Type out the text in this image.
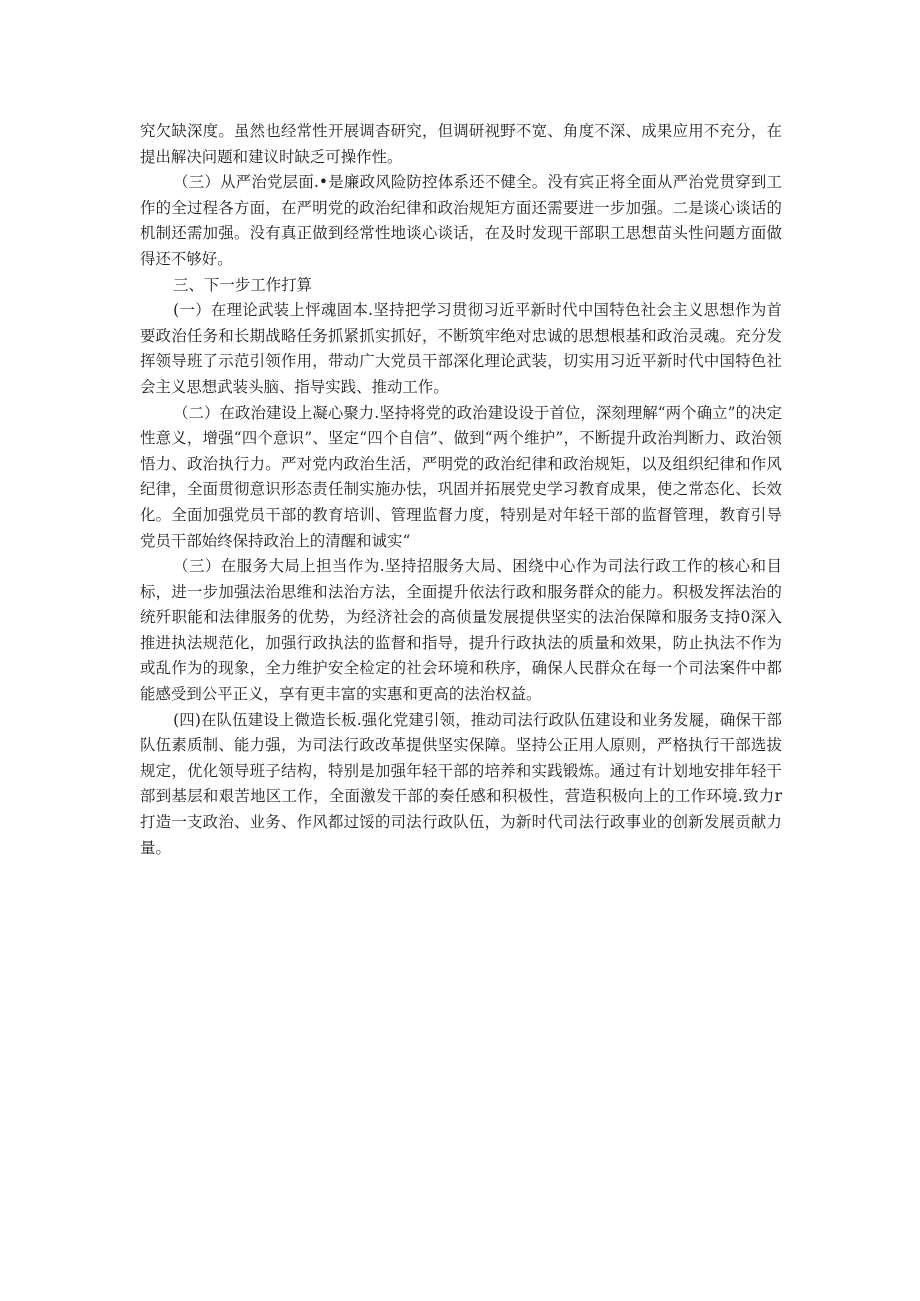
究欠缺深度。虽然也经常性开展调杳研究，但调研视野不宽、角度不深、成果应用不充分，在提出解决问题和建议时缺乏可操作性。

（三）从严治党层面.•是廉政风险防控体系还不健全。没有宾正将全面从严治党贯穿到工作的全过程各方面，在严明党的政治纪律和政治规矩方面还需要进一步加强。二是谈心谈话的机制还需加强。没有真正做到经常性地谈心谈话，在及时发现干部职工思想苗头性问题方面做得还不够好。

三、下一步工作打算

(一）在理论武装上怦魂固本.坚持把学习贯彻习近平新时代中国特色社会主义思想作为首要政治任务和长期战略任务抓紧抓实抓好，不断筑牢绝对忠诚的思想根基和政治灵魂。充分发挥领导班了示范引领作用，带动广大党员干部深化理论武装，切实用习近平新时代中国特色社会主义思想武装头脑、指导实践、推动工作。

（二）在政治建设上凝心聚力.坚持将党的政治建设设于首位，深刻理解“两个确立”的决定性意义，增强“四个意识”、坚定“四个自信”、做到“两个维护”，不断提升政治判断力、政治领悟力、政治执行力。严对党内政治生活，严明党的政治纪律和政治规矩，以及组织纪律和作风纪律，全面贯彻意识形态责任制实施办怯，巩固并拓展党史学习教育成果，使之常态化、长效化。全面加强党员干部的教育培训、管理监督力度，特别是对年轻干部的监督管理，教育引导党员干部始终保持政治上的清醒和诚实“

（三）在服务大局上担当作为.坚持招服务大局、困绕中心作为司法行政工作的核心和目标，进一步加强法治思维和法治方法，全面提升依法行政和服务群众的能力。积极发挥法治的统歼职能和法律服务的优势，为经济社会的高侦量发展提供坚实的法治保障和服务支持0深入推进执法规范化，加强行政执法的监督和指导，提升行政执法的质量和效果，防止执法不作为或乱作为的现象，全力维护安全检定的社会环境和秩序，确保人民群众在每一个司法案件中都能感受到公平正义，享有更丰富的实惠和更高的法治权益。

(四)在队伍建设上微造长板.强化党建引领，推动司法行政队伍建设和业务发屣，确保干部队伍素质制、能力强，为司法行政改革提供坚实保障。坚持公正用人原则，严格执行干部选拔规定，优化领导班子结构，特别是加强年轻干部的培养和实践锻炼。通过有计划地安排年轻干部到基层和艰苦地区工作，全面激发干部的奏任感和积极性，营造积极向上的工作环境.致力r打造一支政治、业务、作风都过馁的司法行政队伍，为新时代司法行政事业的创新发展贡献力量。
